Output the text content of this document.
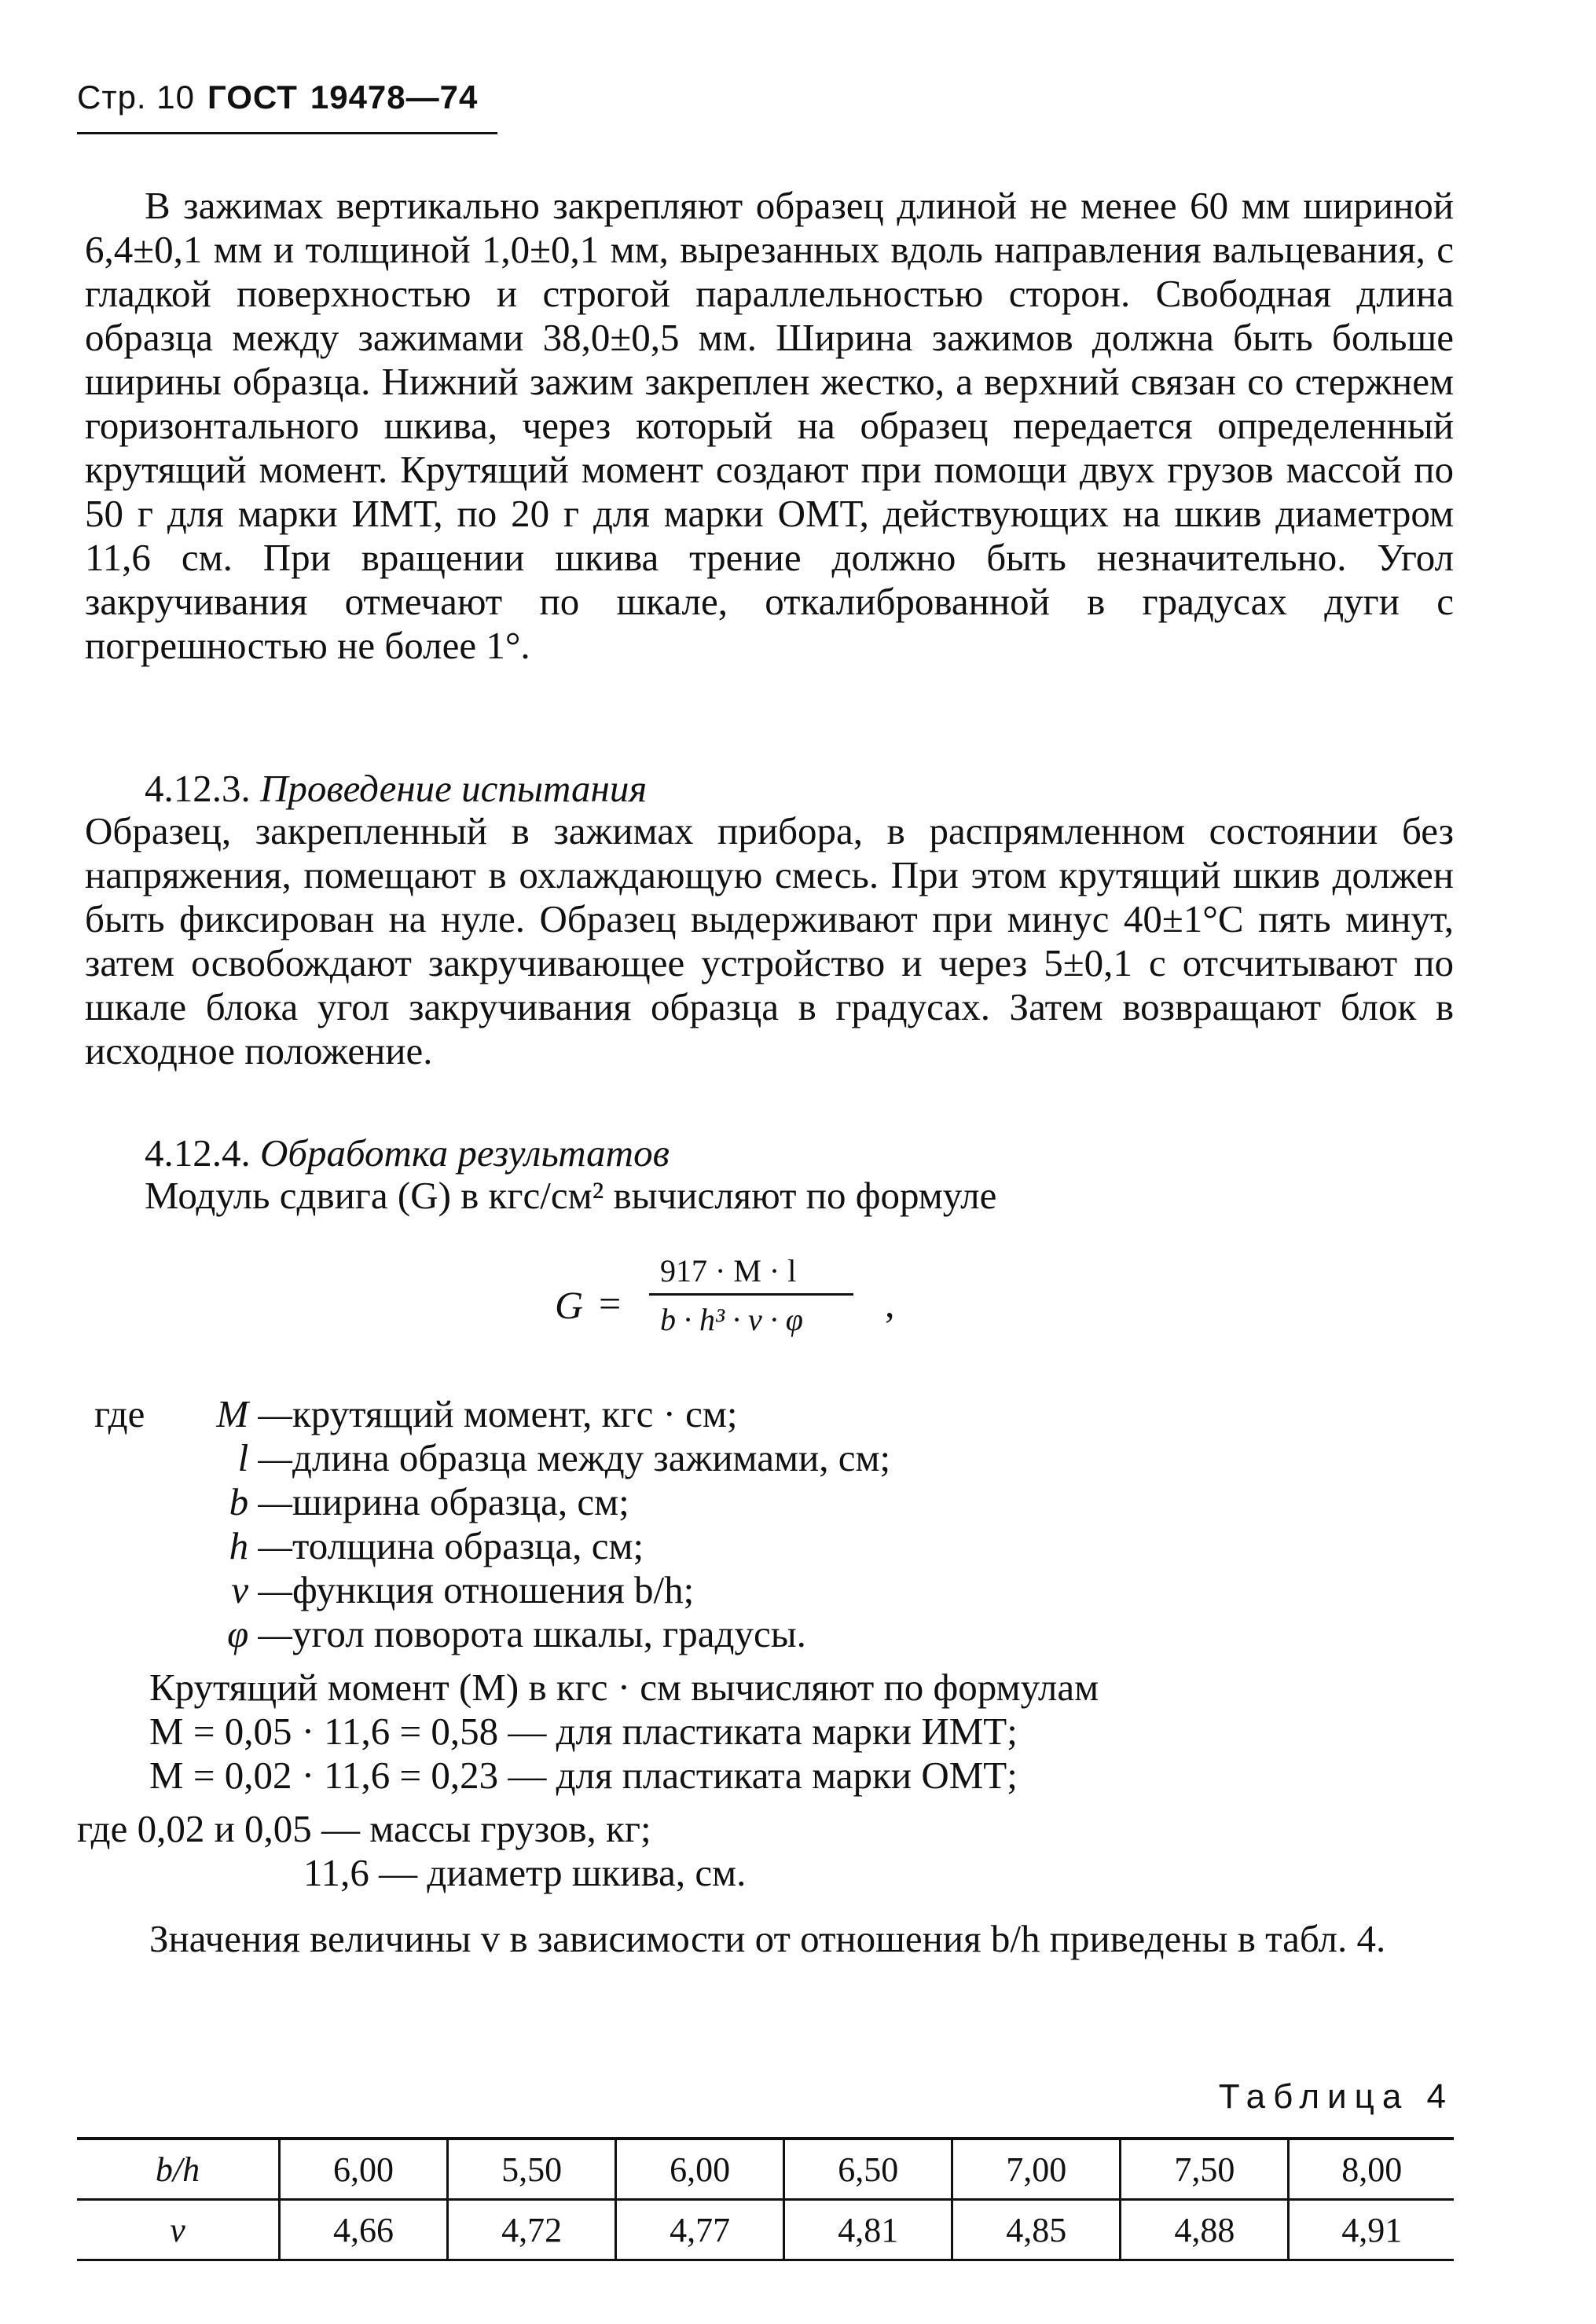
Стр. 10 ГОСТ 19478—74

В зажимах вертикально закрепляют образец длиной не менее 60 мм шириной 6,4±0,1 мм и толщиной 1,0±0,1 мм, вырезанных вдоль направления вальцевания, с гладкой поверхностью и строгой параллельностью сторон. Свободная длина образца между зажимами 38,0±0,5 мм. Ширина зажимов должна быть больше ширины образца. Нижний зажим закреплен жестко, а верхний связан со стержнем горизонтального шкива, через который на образец передается определенный крутящий момент. Крутящий момент создают при помощи двух грузов массой по 50 г для марки ИМТ, по 20 г для марки ОМТ, действующих на шкив диаметром 11,6 см. При вращении шкива трение должно быть незначительно. Угол закручивания отмечают по шкале, откалиброванной в градусах дуги с погрешностью не более 1°.

4.12.3. Проведение испытания

Образец, закрепленный в зажимах прибора, в распрямленном состоянии без напряжения, помещают в охлаждающую смесь. При этом крутящий шкив должен быть фиксирован на нуле. Образец выдерживают при минус 40±1°С пять минут, затем освобождают закручивающее устройство и через 5±0,1 с отсчитывают по шкале блока угол закручивания образца в градусах. Затем возвращают блок в исходное положение.

4.12.4. Обработка результатов

Модуль сдвига (G) в кгс/см² вычисляют по формуле

G =
917 · M · l
b · h³ · v · φ ,
где	M — крутящий момент, кгс · см;
l — длина образца между зажимами, см;
b — ширина образца, см;
h — толщина образца, см;
v — функция отношения b/h;
φ — угол поворота шкалы, градусы.
Крутящий момент (M) в кгс · см вычисляют по формулам
M = 0,05 · 11,6 = 0,58 — для пластиката марки ИМТ;
M = 0,02 · 11,6 = 0,23 — для пластиката марки ОМТ;
где 0,02 и 0,05 — массы грузов, кг;
11,6 — диаметр шкива, см.

Значения величины v в зависимости от отношения b/h приведены в табл. 4.

Таблица 4
b/h	6,00	5,50	6,00	6,50	7,00	7,50	8,00
v	4,66	4,72	4,77	4,81	4,85	4,88	4,91
